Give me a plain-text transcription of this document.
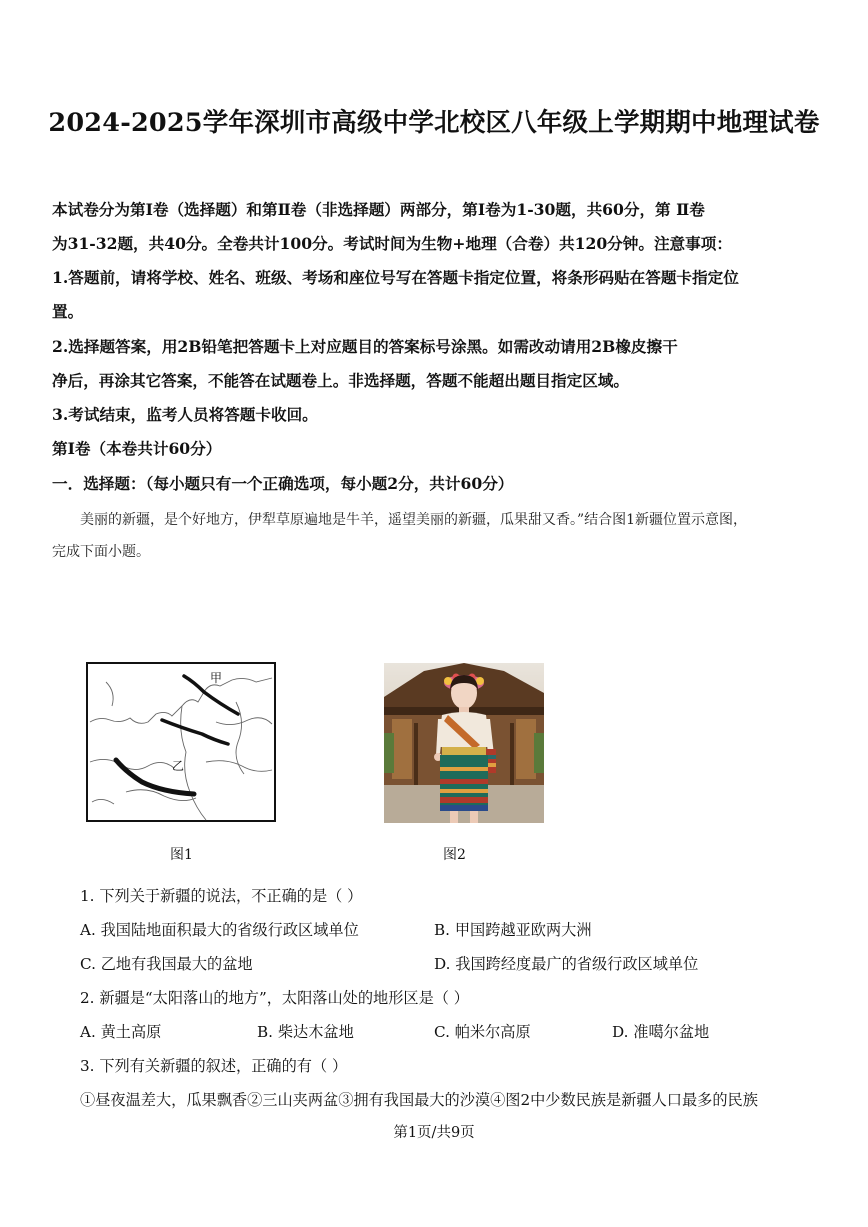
2024-2025学年深圳市高级中学北校区八年级上学期期中地理试卷
本试卷分为第Ⅰ卷（选择题）和第Ⅱ卷（非选择题）两部分，第Ⅰ卷为1-30题，共60分，第 Ⅱ卷
为31-32题，共40分。全卷共计100分。考试时间为生物+地理（合卷）共120分钟。注意事项：
1.答题前，请将学校、姓名、班级、考场和座位号写在答题卡指定位置，将条形码贴在答题卡指定位
置。
2.选择题答案，用2B铅笔把答题卡上对应题目的答案标号涂黑。如需改动请用2B橡皮擦干
净后，再涂其它答案，不能答在试题卷上。非选择题，答题不能超出题目指定区域。
3.考试结束，监考人员将答题卡收回。
第Ⅰ卷（本卷共计60分）
一．选择题：（每小题只有一个正确选项，每小题2分，共计60分）
美丽的新疆，是个好地方，伊犁草原遍地是牛羊，遥望美丽的新疆，瓜果甜又香。”结合图1新疆位置示意图，
完成下面小题。
甲
乙
图1	图2
1. 下列关于新疆的说法，不正确的是（ ）
A. 我国陆地面积最大的省级行政区域单位	B. 甲国跨越亚欧两大洲
C. 乙地有我国最大的盆地	D. 我国跨经度最广的省级行政区域单位
2. 新疆是“太阳落山的地方”，太阳落山处的地形区是（ ）
A. 黄土高原	B. 柴达木盆地	C. 帕米尔高原	D. 准噶尔盆地
3. 下列有关新疆的叙述，正确的有（ ）
①昼夜温差大，瓜果飘香②三山夹两盆③拥有我国最大的沙漠④图2中少数民族是新疆人口最多的民族
第1页/共9页
